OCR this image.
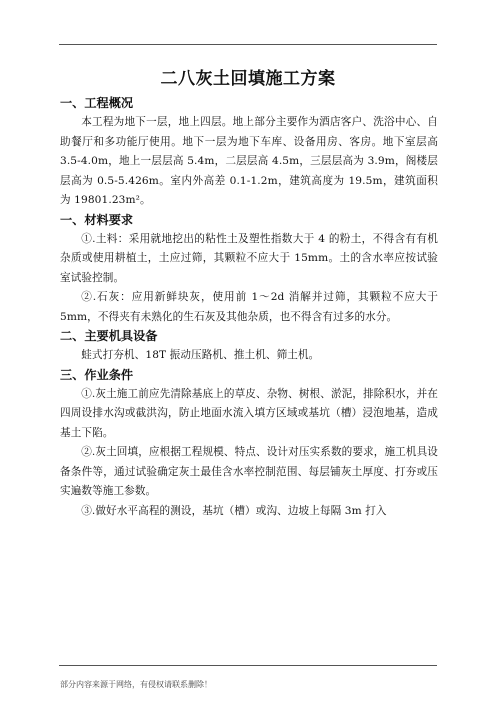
二八灰土回填施工方案
一、工程概况

本工程为地下一层，地上四层。地上部分主要作为酒店客户、洗浴中心、自助餐厅和多功能厅使用。地下一层为地下车库、设备用房、客房。地下室层高 3.5-4.0m，地上一层层高 5.4m，二层层高 4.5m，三层层高为 3.9m，阁楼层层高为 0.5-5.426m。室内外高差 0.1-1.2m，建筑高度为 19.5m，建筑面积为 19801.23m²。

一、材料要求

①.土料：采用就地挖出的粘性土及塑性指数大于 4 的粉土，不得含有有机杂质或使用耕植土，土应过筛，其颗粒不应大于 15mm。土的含水率应按试验室试验控制。

②.石灰：应用新鲜块灰，使用前 1～2d 消解并过筛，其颗粒不应大于 5mm，不得夹有未熟化的生石灰及其他杂质，也不得含有过多的水分。

二、主要机具设备

蛙式打夯机、18T 振动压路机、推土机、筛土机。

三、作业条件

①.灰土施工前应先清除基底上的草皮、杂物、树根、淤泥，排除积水，并在四周设排水沟或截洪沟，防止地面水流入填方区域或基坑（槽）浸泡地基，造成基土下陷。

②.灰土回填，应根据工程规模、特点、设计对压实系数的要求，施工机具设备条件等，通过试验确定灰土最佳含水率控制范围、每层铺灰土厚度、打夯或压实遍数等施工参数。

③.做好水平高程的测设，基坑（槽）或沟、边坡上每隔 3m 打入

部分内容来源于网络，有侵权请联系删除！
